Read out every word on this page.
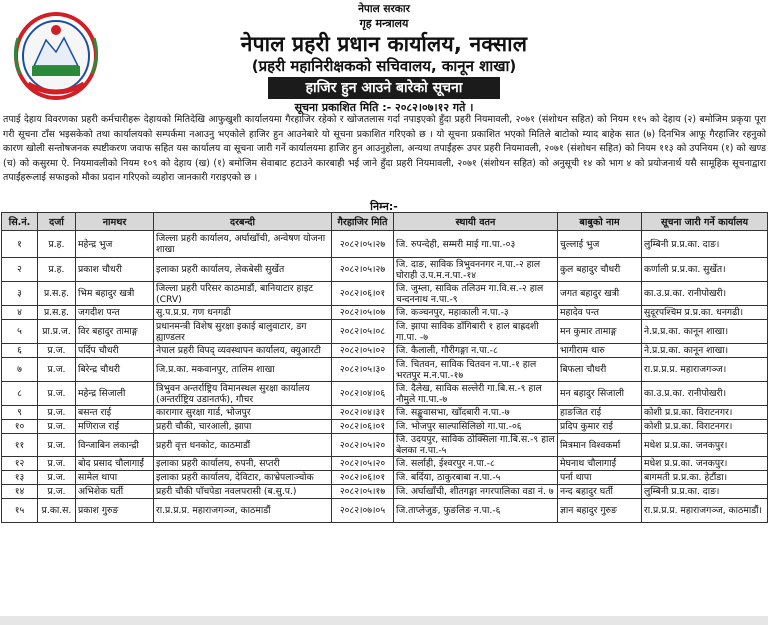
नेपाल सरकार
गृह मन्त्रालय
नेपाल प्रहरी प्रधान कार्यालय, नक्साल
(प्रहरी महानिरीक्षकको सचिवालय, कानून शाखा)
हाजिर हुन आउने बारेको सूचना
सूचना प्रकाशित मिति :- २०८२।०७।१२ गते ।

तपाई देहाय विवरणका प्रहरी कर्मचारीहरू देहायको मितिदेखि आफुखुशी कार्यालयमा गैरहाजिर रहेको र खोजतलास गर्दा नपाइएको हुँदा प्रहरी नियमावली, २०७१ (संशोधन सहित) को नियम ११५ को देहाय (२) बमोजिम प्रकृया पूरा गरी सूचना टाँस भइसकेको तथा कार्यालयको सम्पर्कमा नआउनु भएकोले हाजिर हुन आउनेबारे यो सूचना प्रकाशित गरिएको छ । यो सूचना प्रकाशित भएको मितिले बाटोको म्याद बाहेक सात (७) दिनभित्र आफू गैरहाजिर रहनुको कारण खोली सन्तोषजनक स्पष्टीकरण जवाफ सहित यस कार्यालय वा सूचना जारी गर्ने कार्यालयमा हाजिर हुन आउनुहोला, अन्यथा तपाईंहरू उपर प्रहरी नियमावली, २०७१ (संशोधन सहित) को नियम ११३ को उपनियम (१) को खण्ड (च) को कसुरमा ऐ. नियमावलीको नियम १०९ को देहाय (ख) (१) बमोजिम सेवाबाट हटाउने कारबाही भई जाने हुँदा प्रहरी नियमावली, २०७१ (संशोधन सहित) को अनुसूची १४ को भाग ४ को प्रयोजनार्थ यसै सामूहिक सूचनाद्वारा तपाईंहरूलाई सफाइको मौका प्रदान गरिएको व्यहोरा जानकारी गराइएको छ ।

निम्न:-
सि.नं.	दर्जा	नामथर	दरबन्दी	गैरहाजिर मिति	स्थायी वतन	बाबुको नाम	सूचना जारी गर्ने कार्यालय
१	प्र.ह.	महेन्द्र भुज	जिल्ला प्रहरी कार्यालय, अर्घाखाँची, अन्वेषण योजना शाखा	२०८२।०५।२७	जि. रुपन्देही, सम्मरी माई गा.पा.-०३	चुल्लाई भुज	लुम्बिनी प्र.प्र.का. दाङ।
२	प्र.ह.	प्रकाश चौधरी	इलाका प्रहरी कार्यालय, लेकबेसी सुर्खेत	२०८२।०५।२७	जि. दाङ, साविक त्रिभुवननगर न.पा.-२ हाल घोराही उ.प.म.न.पा.-१४	कुल बहादुर चौधरी	कर्णाली प्र.प्र.का. सुर्खेत।
३	प्र.स.ह.	भिम बहादुर खत्री	जिल्ला प्रहरी परिसर काठमाडौं, बानियाटार हाइट (CRV)	२०८२।०६।०१	जि. जुम्ला, साविक तलिउम गा.वि.स.-२ हाल चन्दननाथ न.पा.-९	जगत बहादुर खत्री	का.उ.प्र.का. रानीपोखरी।
४	प्र.स.ह.	जगदीश पन्त	सु.प.प्र.प्र. गण धनगढी	२०८२।०५।०७	जि. कञ्चनपुर, महाकाली न.पा.-३	महादेव पन्त	सुदूरपश्चिम प्र.प्र.का. धनगढी।
५	प्रा.प्र.ज.	विर बहादुर तामाङ्ग	प्रधानमन्त्री विशेष सुरक्षा इकाई बालुवाटार, डग ह्याण्डलर	२०८२।०५।०८	जि. झापा साविक डाँगिबारी १ हाल बाह्रदशी गा.पा. -७	मन कुमार तामाङ्ग	ने.प्र.प्र.का. कानून शाखा।
६	प्र.ज.	पर्दिप चौधरी	नेपाल प्रहरी विपद् व्यवस्थापन कार्यालय, क्युआरटी	२०८२।०५।०२	जि. कैलाली, गौरीगङ्गा न.पा.-८	भागीराम थारु	ने.प्र.प्र.का. कानून शाखा।
७	प्र.ज.	बिरेन्द्र चौधरी	जि.प्र.का. मकवानपुर, तालिम शाखा	२०८२।०५।३०	जि. चितवन, साविक चितवन न.पा.-१ हाल भरतपुर म.न.पा.-१७	बिफला चौधरी	रा.प्र.प्र.प्र. महाराजगञ्ज।
८	प्र.ज.	महेन्द्र सिजाली	त्रिभुवन अन्तर्राष्ट्रिय विमानस्थल सुरक्षा कार्यालय (अन्तर्राष्ट्रिय उडानतर्फ), गौचर	२०८२।०४।०६	जि. दैलेख, साविक सल्लेरी गा.बि.स.-९ हाल नौमुले गा.पा.-७	मन बहादुर सिजाली	का.उ.प्र.का. रानीपोखरी।
९	प्र.ज.	बसन्त राई	कारागार सुरक्षा गार्ड, भोजपुर	२०८२।०४।३१	जि. सङ्खुवासभा, खाँदबारी न.पा.-७	हाङजित राई	कोशी प्र.प्र.का. विराटनगर।
१०	प्र.ज.	मणिराज राई	प्रहरी चौकी, चारआली, झापा	२०८२।०६।०१	जि. भोजपुर साल्पासिलिछो गा.पा.-०६	प्रदिप कुमार राई	कोशी प्र.प्र.का. विराटनगर।
११	प्र.ज.	विन्जाबिन लकान्द्री	प्रहरी वृत्त धनकोट, काठमाडौं	२०८२।०५।२०	जि. उदयपुर, साविक ठोक्सिला गा.बि.स.-९ हाल बेलका न.पा.-५	मित्रमान विश्वकर्मा	मधेश प्र.प्र.का. जनकपुर।
१२	प्र.ज.	बोद प्रसाद चौलागाईं	इलाका प्रहरी कार्यालय, रुपनी, सप्तरी	२०८२।०५।२०	जि. सर्लाही, ईश्वरपुर न.पा.-८	मेघनाथ चौलागाईं	मधेश प्र.प्र.का. जनकपुर।
१३	प्र.ज.	सामेल थापा	इलाका प्रहरी कार्यालय, देविटार, काभ्रेपलाञ्चोक	२०८२।०६।०१	जि. बर्दिया, ठाकुरबाबा न.पा.-५	पर्ना थापा	बागमती प्र.प्र.का. हेटौंडा।
१४	प्र.ज.	अभिशेक घर्ती	प्रहरी चौकी पाँचपेडा नवलपरासी (ब.सु.प.)	२०८२।०५।१७	जि. अर्घाखाँची, शीतगङ्गा नगरपालिका वडा नं. ७	नन्द बहादुर घर्ती	लुम्बिनी प्र.प्र.का. दाङ।
१५	प्र.का.स.	प्रकाश गुरुङ	रा.प्र.प्र.प्र. महाराजगञ्ज, काठमाडौं	२०८२।०७।०५	जि.ताप्लेजुङ, फुङलिङ न.पा.-६	ज्ञान बहादुर गुरुङ	रा.प्र.प्र.प्र. महाराजगञ्ज, काठमाडौं।
